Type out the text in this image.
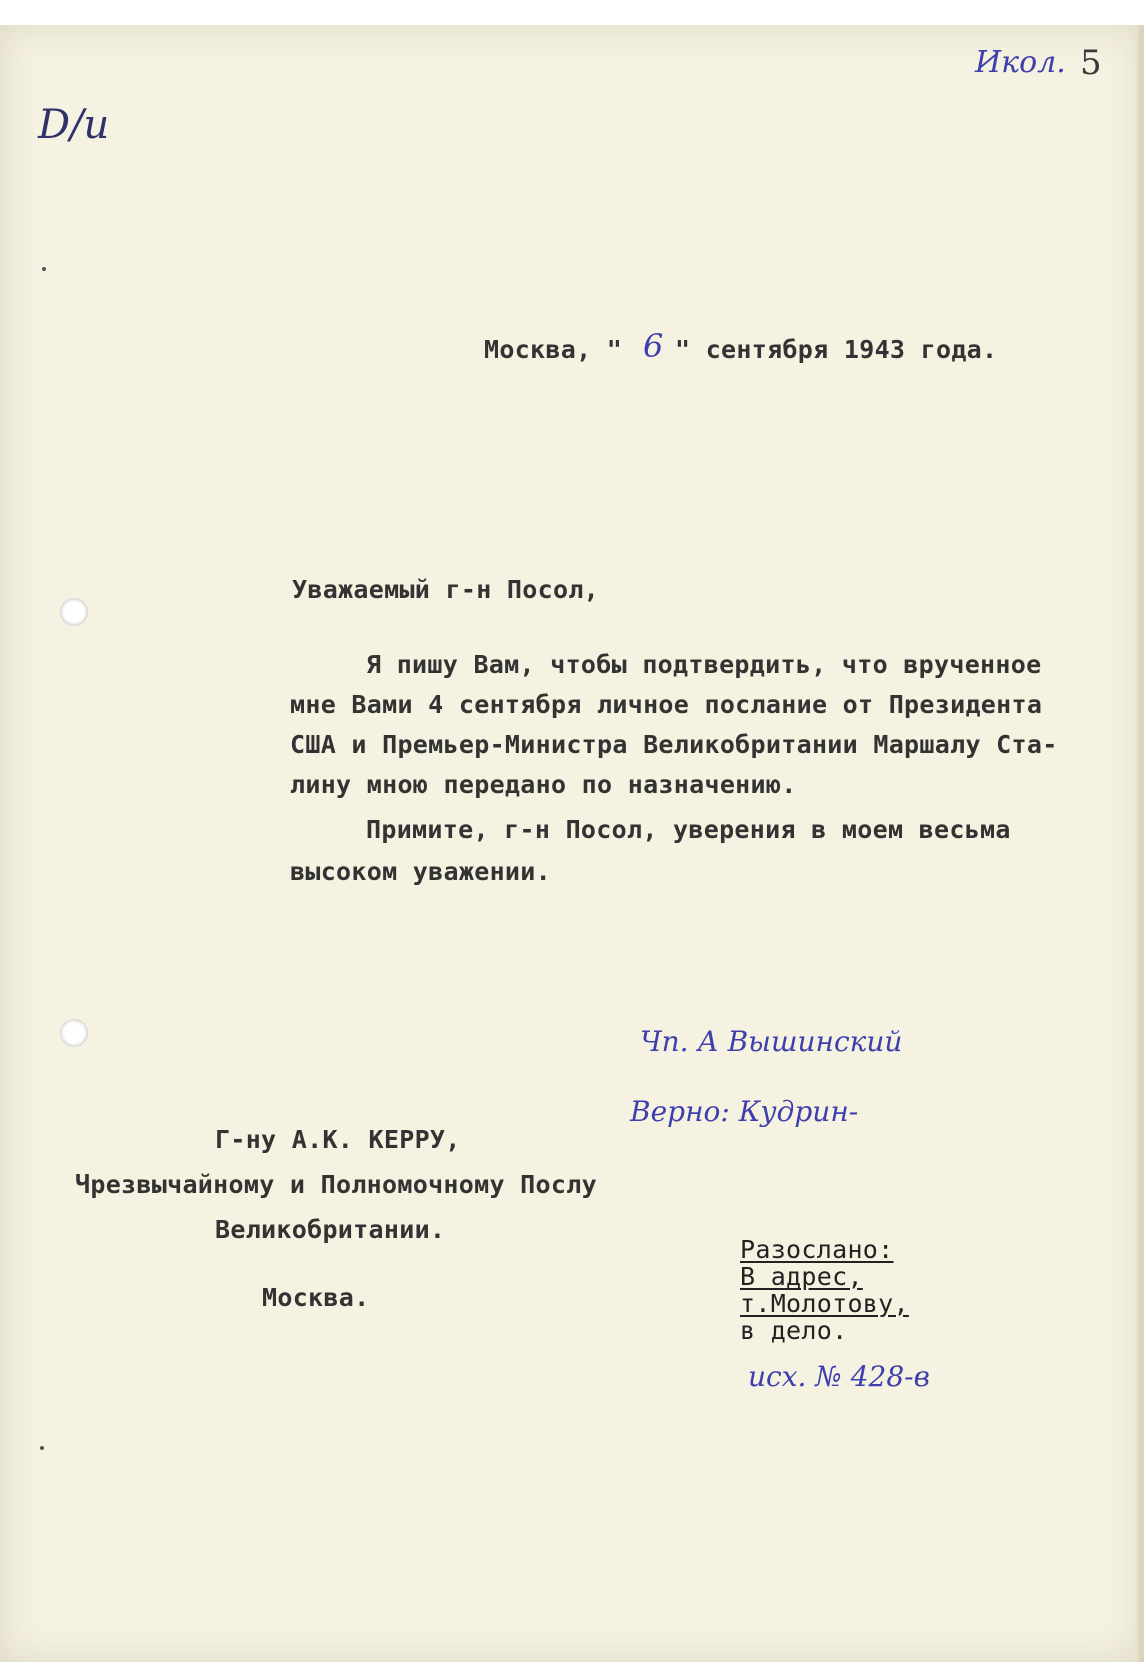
D/и
Икол. 5
Москва, " 6 " сентября 1943 года.
Уважаемый г-н Посол,
Я пишу Вам, чтобы подтвердить, что врученное
мне Вами 4 сентября личное послание от Президента
США и Премьер-Министра Великобритании Маршалу Ста-
лину мною передано по назначению.
Примите, г-н Посол, уверения в моем весьма
высоком уважении.
Чп. А Вышинский
Верно: Кудрин-
Г-ну А.К. КЕРРУ,
Чрезвычайному и Полномочному Послу
Великобритании.
Москва.
Разослано:
В адрес,
т.Молотову,
в дело.
исх. № 428-в
